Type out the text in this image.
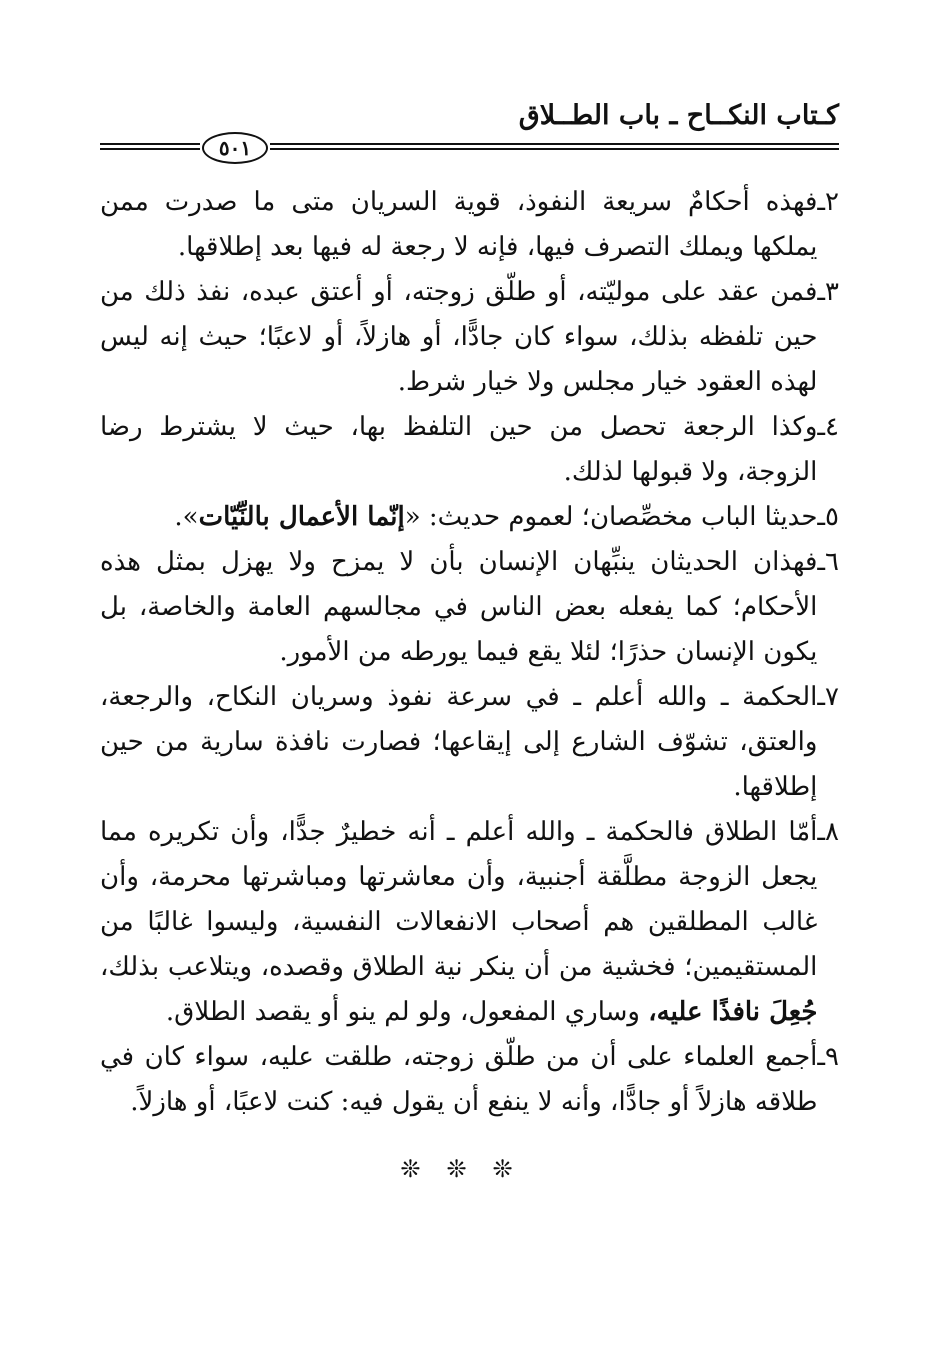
كـتاب النكــاح ـ باب الطــلاق
٥٠١
٢ـ
فهذه أحكامٌ سريعة النفوذ، قوية السريان متى ما صدرت ممن يملكها ويملك التصرف فيها، فإنه لا رجعة له فيها بعد إطلاقها.
٣ـ
فمن عقد على موليّته، أو طلّق زوجته، أو أعتق عبده، نفذ ذلك من حين تلفظه بذلك، سواء كان جادًّا، أو هازلاً، أو لاعبًا؛ حيث إنه ليس لهذه العقود خيار مجلس ولا خيار شرط.
٤ـ
وكذا الرجعة تحصل من حين التلفظ بها، حيث لا يشترط رضا الزوجة، ولا قبولها لذلك.
٥ـ
حديثا الباب مخصِّصان؛ لعموم حديث: «إنّما الأعمال بالنِّيّات».
٦ـ
فهذان الحديثان ينبِّهان الإنسان بأن لا يمزح ولا يهزل بمثل هذه الأحكام؛ كما يفعله بعض الناس في مجالسهم العامة والخاصة، بل يكون الإنسان حذرًا؛ لئلا يقع فيما يورطه من الأمور.
٧ـ
الحكمة ـ والله أعلم ـ في سرعة نفوذ وسريان النكاح، والرجعة، والعتق، تشوّف الشارع إلى إيقاعها؛ فصارت نافذة سارية من حين إطلاقها.
٨ـ
أمّا الطلاق فالحكمة ـ والله أعلم ـ أنه خطيرٌ جدًّا، وأن تكريره مما يجعل الزوجة مطلَّقة أجنبية، وأن معاشرتها ومباشرتها محرمة، وأن غالب المطلقين هم أصحاب الانفعالات النفسية، وليسوا غالبًا من المستقيمين؛ فخشية من أن ينكر نية الطلاق وقصده، ويتلاعب بذلك، جُعِلَ نافذًا عليه، وساري المفعول، ولو لم ينو أو يقصد الطلاق.
٩ـ
أجمع العلماء على أن من طلّق زوجته، طلقت عليه، سواء كان في طلاقه هازلاً أو جادًّا، وأنه لا ينفع أن يقول فيه: كنت لاعبًا، أو هازلاً.
❊❊❊
